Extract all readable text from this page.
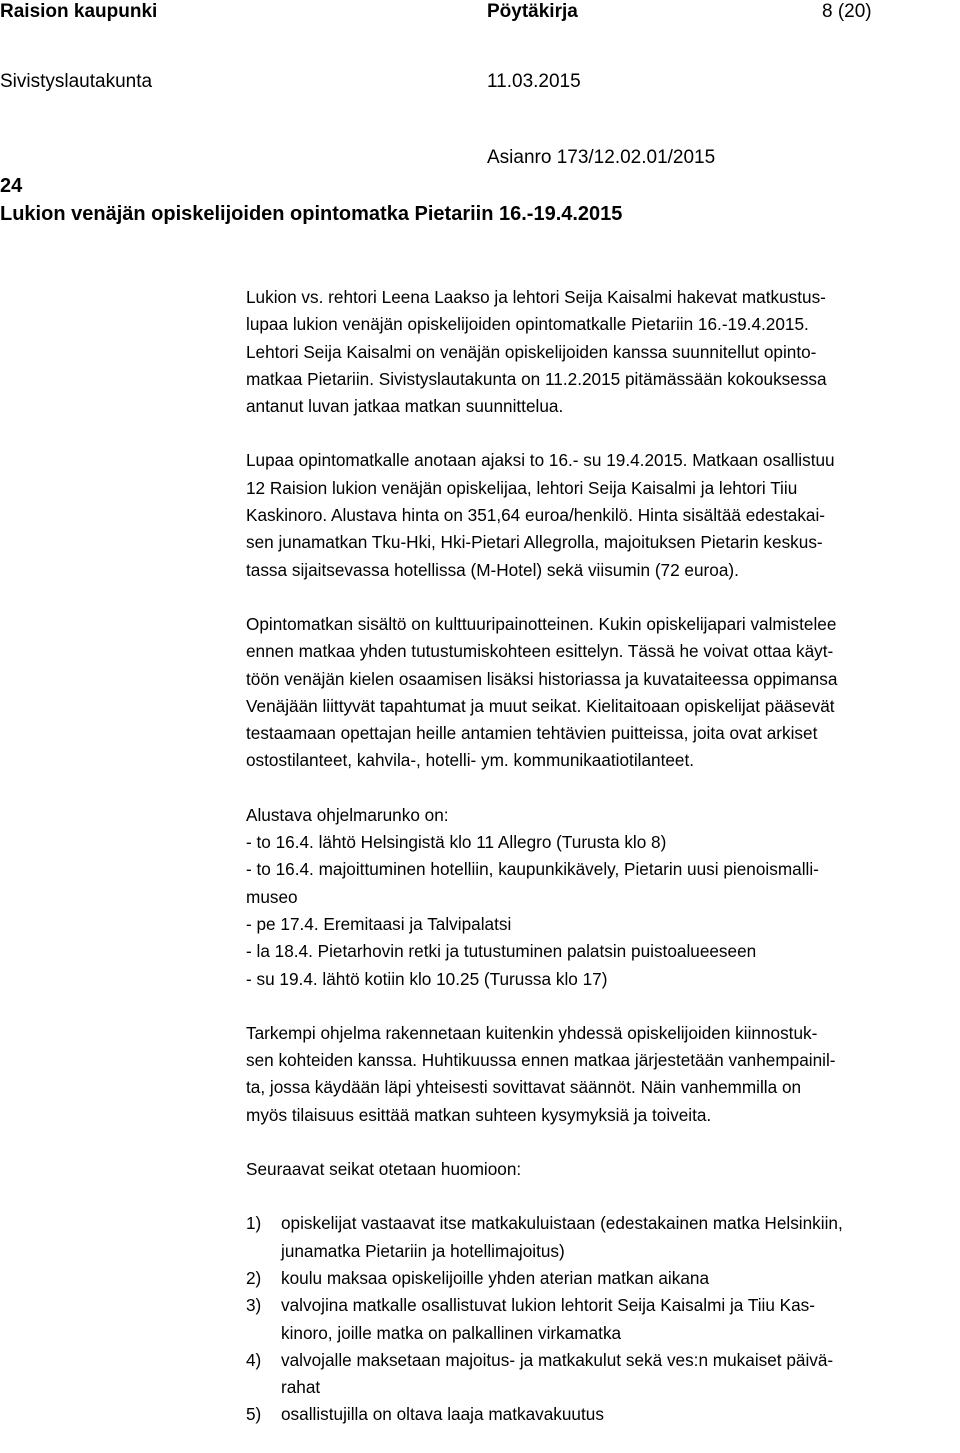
Raision kaupunki	Pöytäkirja	8 (20)
Sivistyslautakunta	11.03.2015
Asianro 173/12.02.01/2015
24
Lukion venäjän opiskelijoiden opintomatka Pietariin 16.-19.4.2015

Lukion vs. rehtori Leena Laakso ja lehtori Seija Kaisalmi hakevat matkustus-
lupaa lukion venäjän opiskelijoiden opintomatkalle Pietariin 16.-19.4.2015.
Lehtori Seija Kaisalmi on venäjän opiskelijoiden kanssa suunnitellut opinto-
matkaa Pietariin. Sivistyslautakunta on 11.2.2015 pitämässään kokouksessa
antanut luvan jatkaa matkan suunnittelua.

Lupaa opintomatkalle anotaan ajaksi to 16.- su 19.4.2015. Matkaan osallistuu
12 Raision lukion venäjän opiskelijaa, lehtori Seija Kaisalmi ja lehtori Tiiu
Kaskinoro. Alustava hinta on 351,64 euroa/henkilö. Hinta sisältää edestakai-
sen junamatkan Tku-Hki, Hki-Pietari Allegrolla, majoituksen Pietarin keskus-
tassa sijaitsevassa hotellissa (M-Hotel) sekä viisumin (72 euroa).

Opintomatkan sisältö on kulttuuripainotteinen. Kukin opiskelijapari valmistelee
ennen matkaa yhden tutustumiskohteen esittelyn. Tässä he voivat ottaa käyt-
töön venäjän kielen osaamisen lisäksi historiassa ja kuvataiteessa oppimansa
Venäjään liittyvät tapahtumat ja muut seikat. Kielitaitoaan opiskelijat pääsevät
testaamaan opettajan heille antamien tehtävien puitteissa, joita ovat arkiset
ostostilanteet, kahvila-, hotelli- ym. kommunikaatiotilanteet.

Alustava ohjelmarunko on:
- to 16.4. lähtö Helsingistä klo 11 Allegro (Turusta klo 8)
- to 16.4. majoittuminen hotelliin, kaupunkikävely, Pietarin uusi pienoismalli-
museo
- pe 17.4. Eremitaasi ja Talvipalatsi
- la 18.4. Pietarhovin retki ja tutustuminen palatsin puistoalueeseen
- su 19.4. lähtö kotiin klo 10.25 (Turussa klo 17)

Tarkempi ohjelma rakennetaan kuitenkin yhdessä opiskelijoiden kiinnostuk-
sen kohteiden kanssa. Huhtikuussa ennen matkaa järjestetään vanhempainil-
ta, jossa käydään läpi yhteisesti sovittavat säännöt. Näin vanhemmilla on
myös tilaisuus esittää matkan suhteen kysymyksiä ja toiveita.

Seuraavat seikat otetaan huomioon:

1) opiskelijat vastaavat itse matkakuluistaan (edestakainen matka Helsinkiin,
junamatka Pietariin ja hotellimajoitus)
2) koulu maksaa opiskelijoille yhden aterian matkan aikana
3) valvojina matkalle osallistuvat lukion lehtorit Seija Kaisalmi ja Tiiu Kas-
kinoro, joille matka on palkallinen virkamatka
4) valvojalle maksetaan majoitus- ja matkakulut sekä ves:n mukaiset päivä-
rahat
5) osallistujilla on oltava laaja matkavakuutus
